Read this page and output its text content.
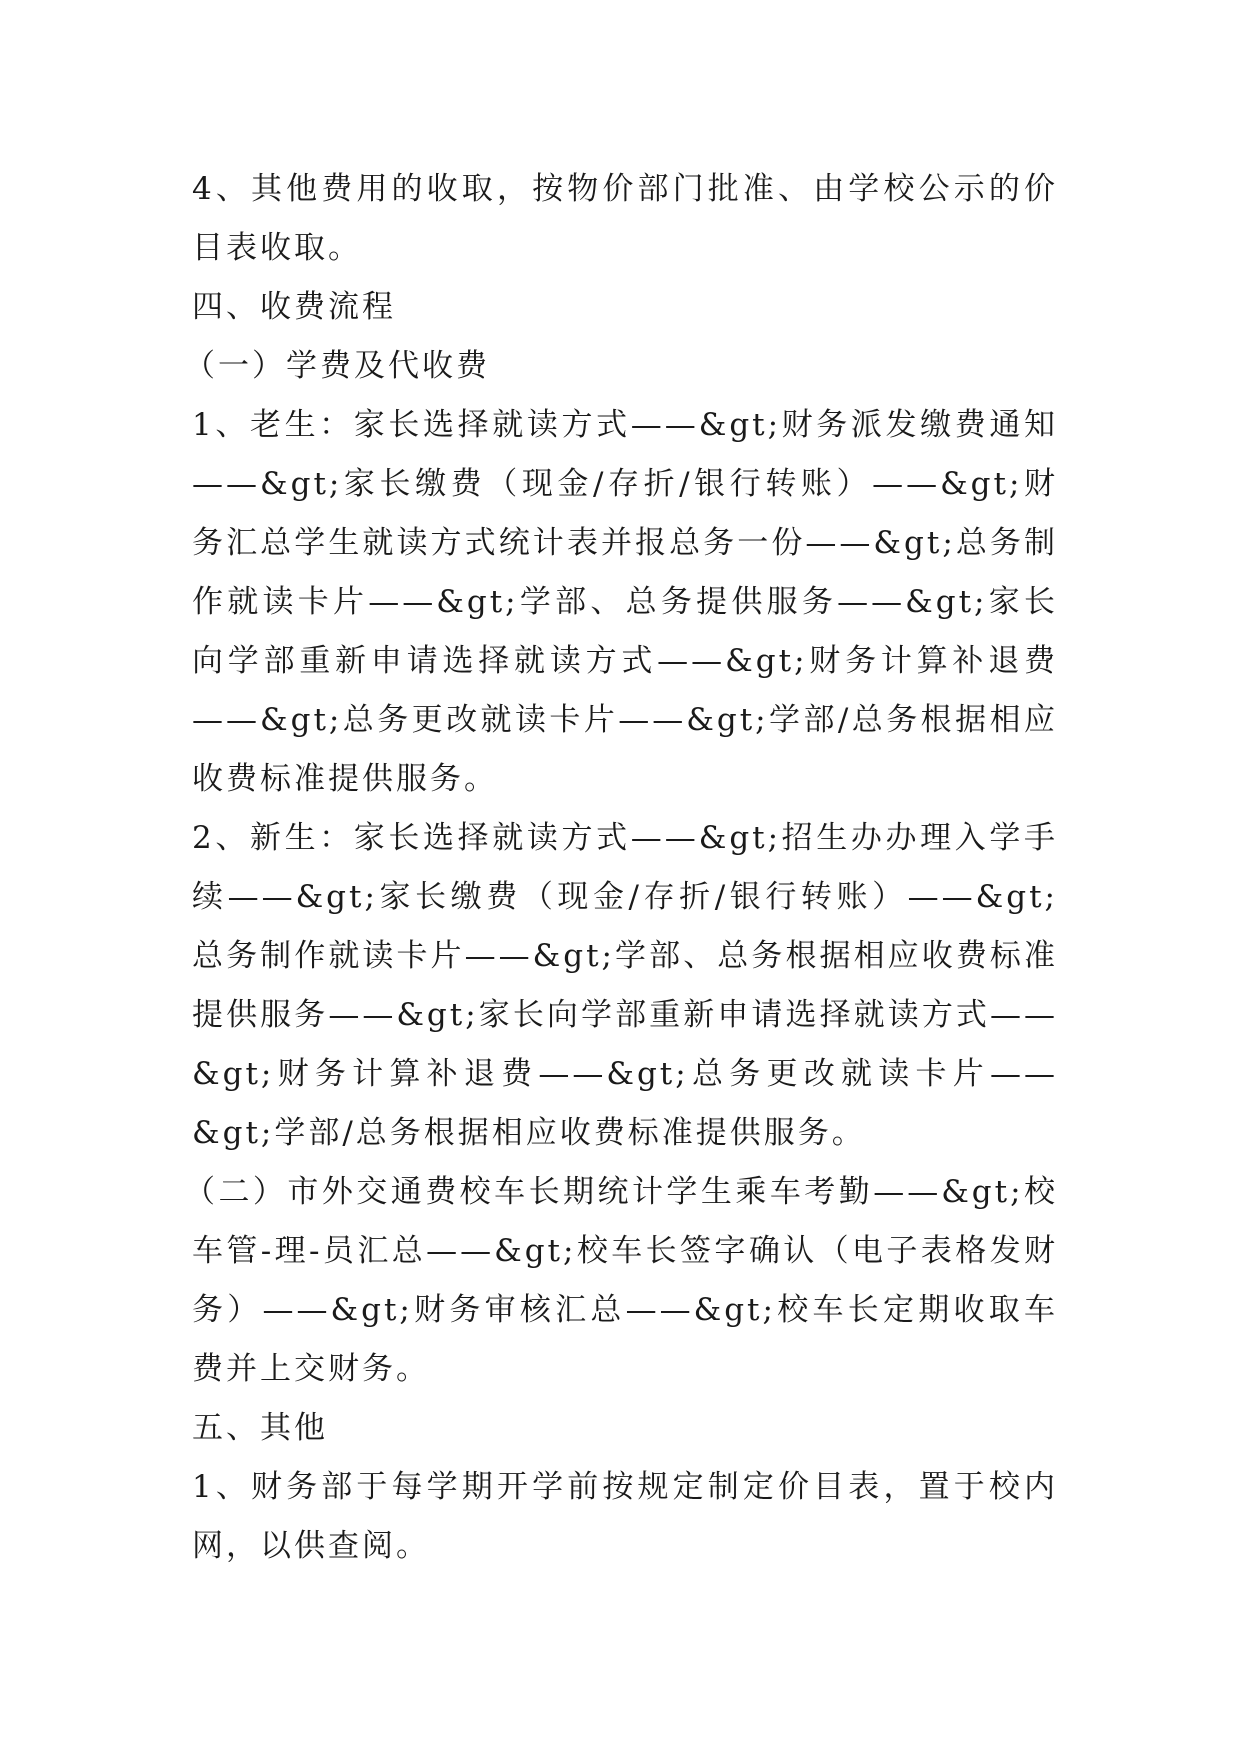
4、其他费用的收取，按物价部门批准、由学校公示的价目表收取。

四、收费流程

（一）学费及代收费

1、老生：家长选择就读方式——&gt;财务派发缴费通知——&gt;家长缴费（现金/存折/银行转账）——&gt;财务汇总学生就读方式统计表并报总务一份——&gt;总务制作就读卡片——&gt;学部、总务提供服务——&gt;家长向学部重新申请选择就读方式——&gt;财务计算补退费——&gt;总务更改就读卡片——&gt;学部/总务根据相应收费标准提供服务。

2、新生：家长选择就读方式——&gt;招生办办理入学手续——&gt;家长缴费（现金/存折/银行转账）——&gt;总务制作就读卡片——&gt;学部、总务根据相应收费标准提供服务——&gt;家长向学部重新申请选择就读方式——&gt;财务计算补退费——&gt;总务更改就读卡片——&gt;学部/总务根据相应收费标准提供服务。

（二）市外交通费校车长期统计学生乘车考勤——&gt;校车管-理-员汇总——&gt;校车长签字确认（电子表格发财务）——&gt;财务审核汇总——&gt;校车长定期收取车费并上交财务。

五、其他

1、财务部于每学期开学前按规定制定价目表，置于校内网，以供查阅。
